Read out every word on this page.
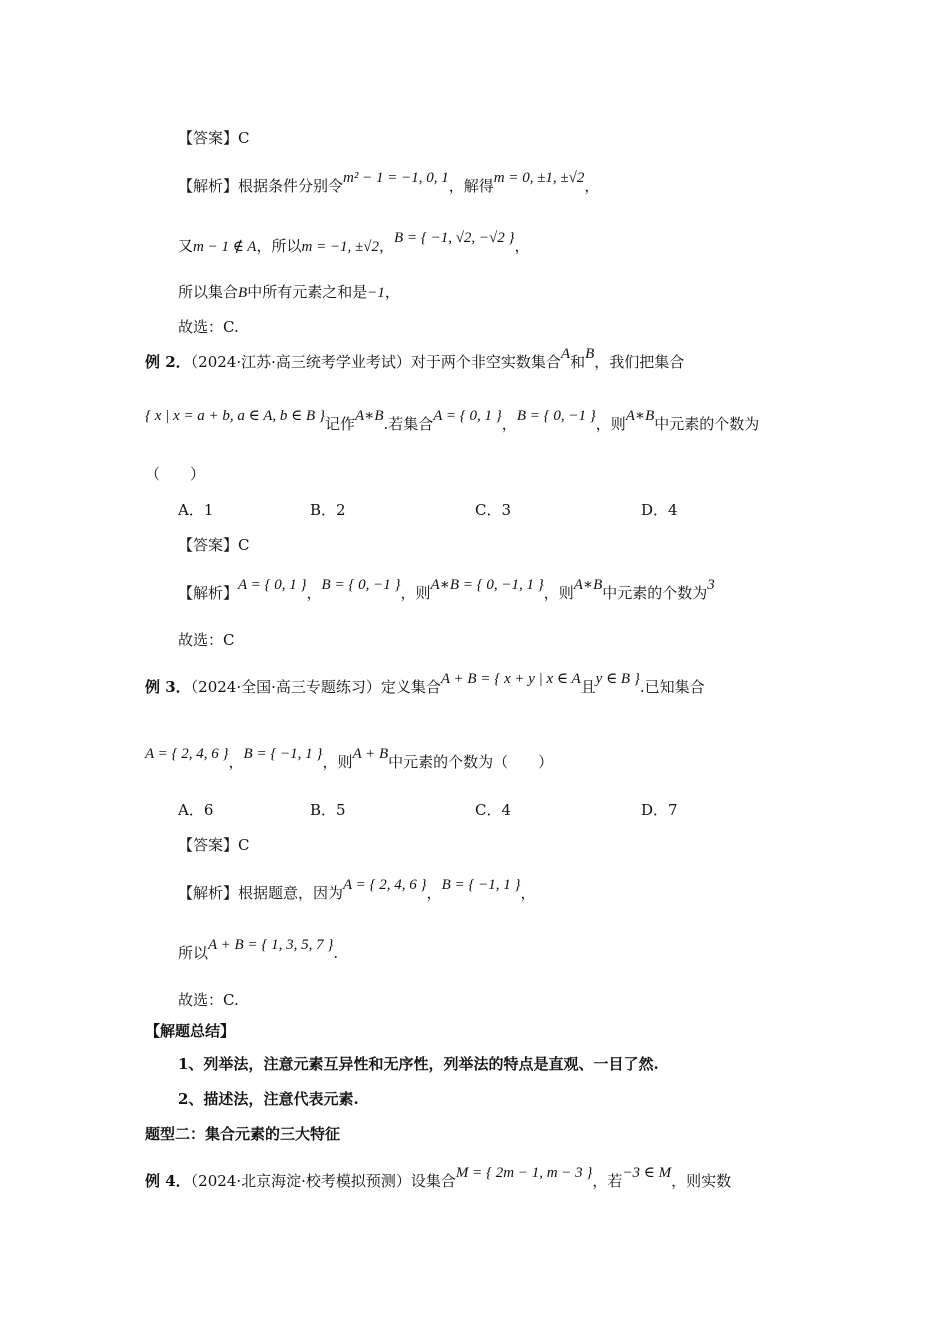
【答案】C
【解析】根据条件分别令m² − 1 = −1, 0, 1，解得m = 0, ±1, ±√2，
又m − 1 ∉ A，所以m = −1, ±√2，B = { −1, √2, −√2 }，
所以集合B中所有元素之和是−1，
故选：C.
例 2．（2024·江苏·高三统考学业考试）对于两个非空实数集合A和B，我们把集合
{ x | x = a + b, a ∈ A, b ∈ B }记作A∗B.若集合A = { 0, 1 }，B = { 0, −1 }，则A∗B中元素的个数为
（　　）
A．1	B．2	C．3	D．4
【答案】C
【解析】A = { 0, 1 }，B = { 0, −1 }，则A∗B = { 0, −1, 1 }，则A∗B中元素的个数为3
故选：C
例 3．（2024·全国·高三专题练习）定义集合A + B = { x + y | x ∈ A且y ∈ B }.已知集合
A = { 2, 4, 6 }，B = { −1, 1 }，则A + B中元素的个数为（　　）
A．6	B．5	C．4	D．7
【答案】C
【解析】根据题意，因为A = { 2, 4, 6 }，B = { −1, 1 }，
所以A + B = { 1, 3, 5, 7 }.
故选：C.
【解题总结】
1、列举法，注意元素互异性和无序性，列举法的特点是直观、一目了然.
2、描述法，注意代表元素.
题型二：集合元素的三大特征
例 4．（2024·北京海淀·校考模拟预测）设集合M = { 2m − 1, m − 3 }，若−3 ∈ M，则实数
